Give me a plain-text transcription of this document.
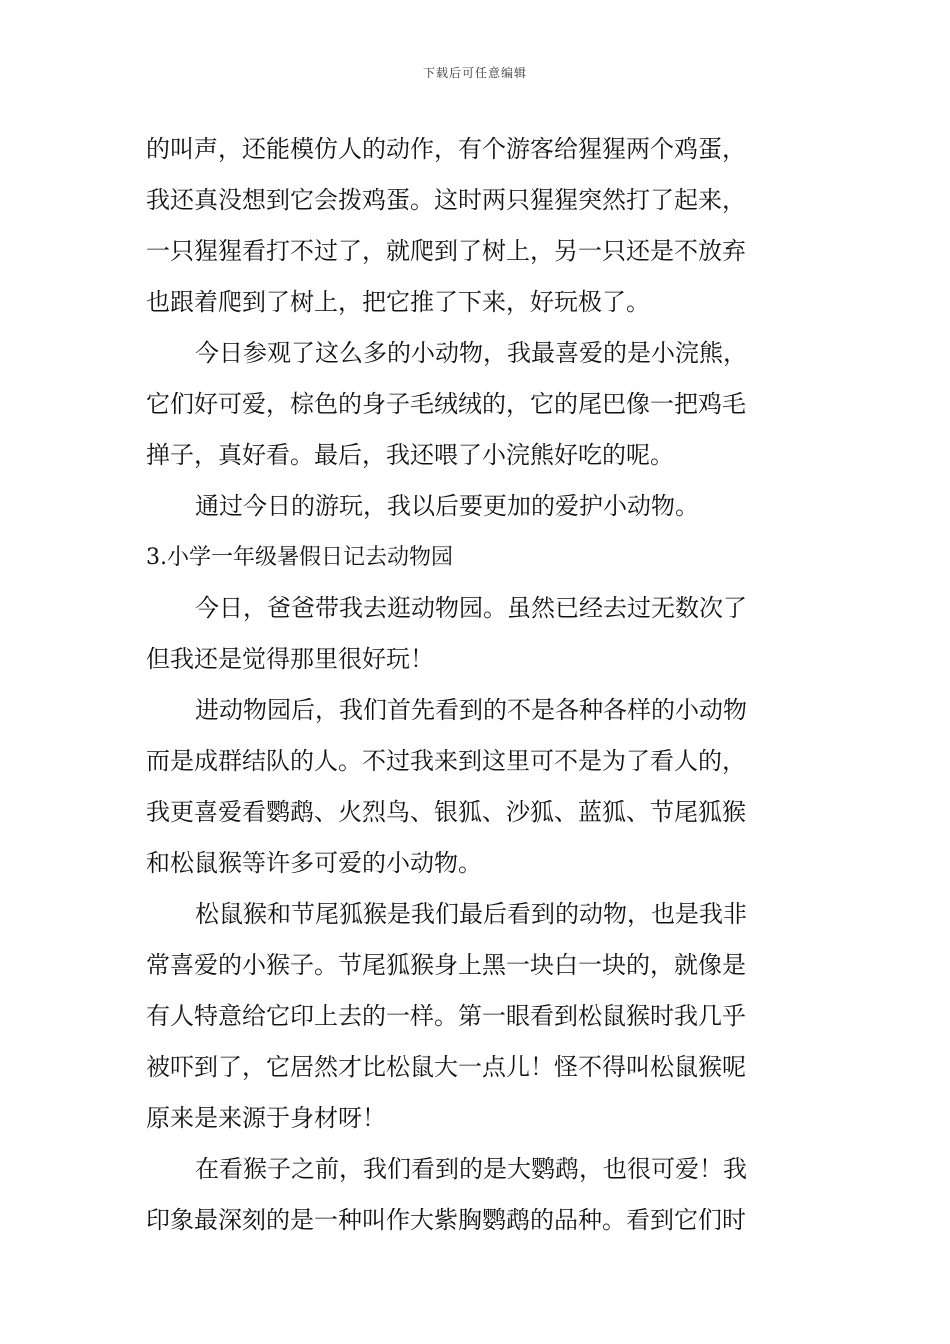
下载后可任意编辑
的叫声，还能模仿人的动作，有个游客给猩猩两个鸡蛋，
我还真没想到它会拨鸡蛋。这时两只猩猩突然打了起来，
一只猩猩看打不过了，就爬到了树上，另一只还是不放弃
也跟着爬到了树上，把它推了下来，好玩极了。
今日参观了这么多的小动物，我最喜爱的是小浣熊，
它们好可爱，棕色的身子毛绒绒的，它的尾巴像一把鸡毛
掸子，真好看。最后，我还喂了小浣熊好吃的呢。
通过今日的游玩，我以后要更加的爱护小动物。
3.小学一年级暑假日记去动物园
今日，爸爸带我去逛动物园。虽然已经去过无数次了
但我还是觉得那里很好玩！
进动物园后，我们首先看到的不是各种各样的小动物
而是成群结队的人。不过我来到这里可不是为了看人的，
我更喜爱看鹦鹉、火烈鸟、银狐、沙狐、蓝狐、节尾狐猴
和松鼠猴等许多可爱的小动物。
松鼠猴和节尾狐猴是我们最后看到的动物，也是我非
常喜爱的小猴子。节尾狐猴身上黑一块白一块的，就像是
有人特意给它印上去的一样。第一眼看到松鼠猴时我几乎
被吓到了，它居然才比松鼠大一点儿！怪不得叫松鼠猴呢
原来是来源于身材呀！
在看猴子之前，我们看到的是大鹦鹉，也很可爱！我
印象最深刻的是一种叫作大紫胸鹦鹉的品种。看到它们时
